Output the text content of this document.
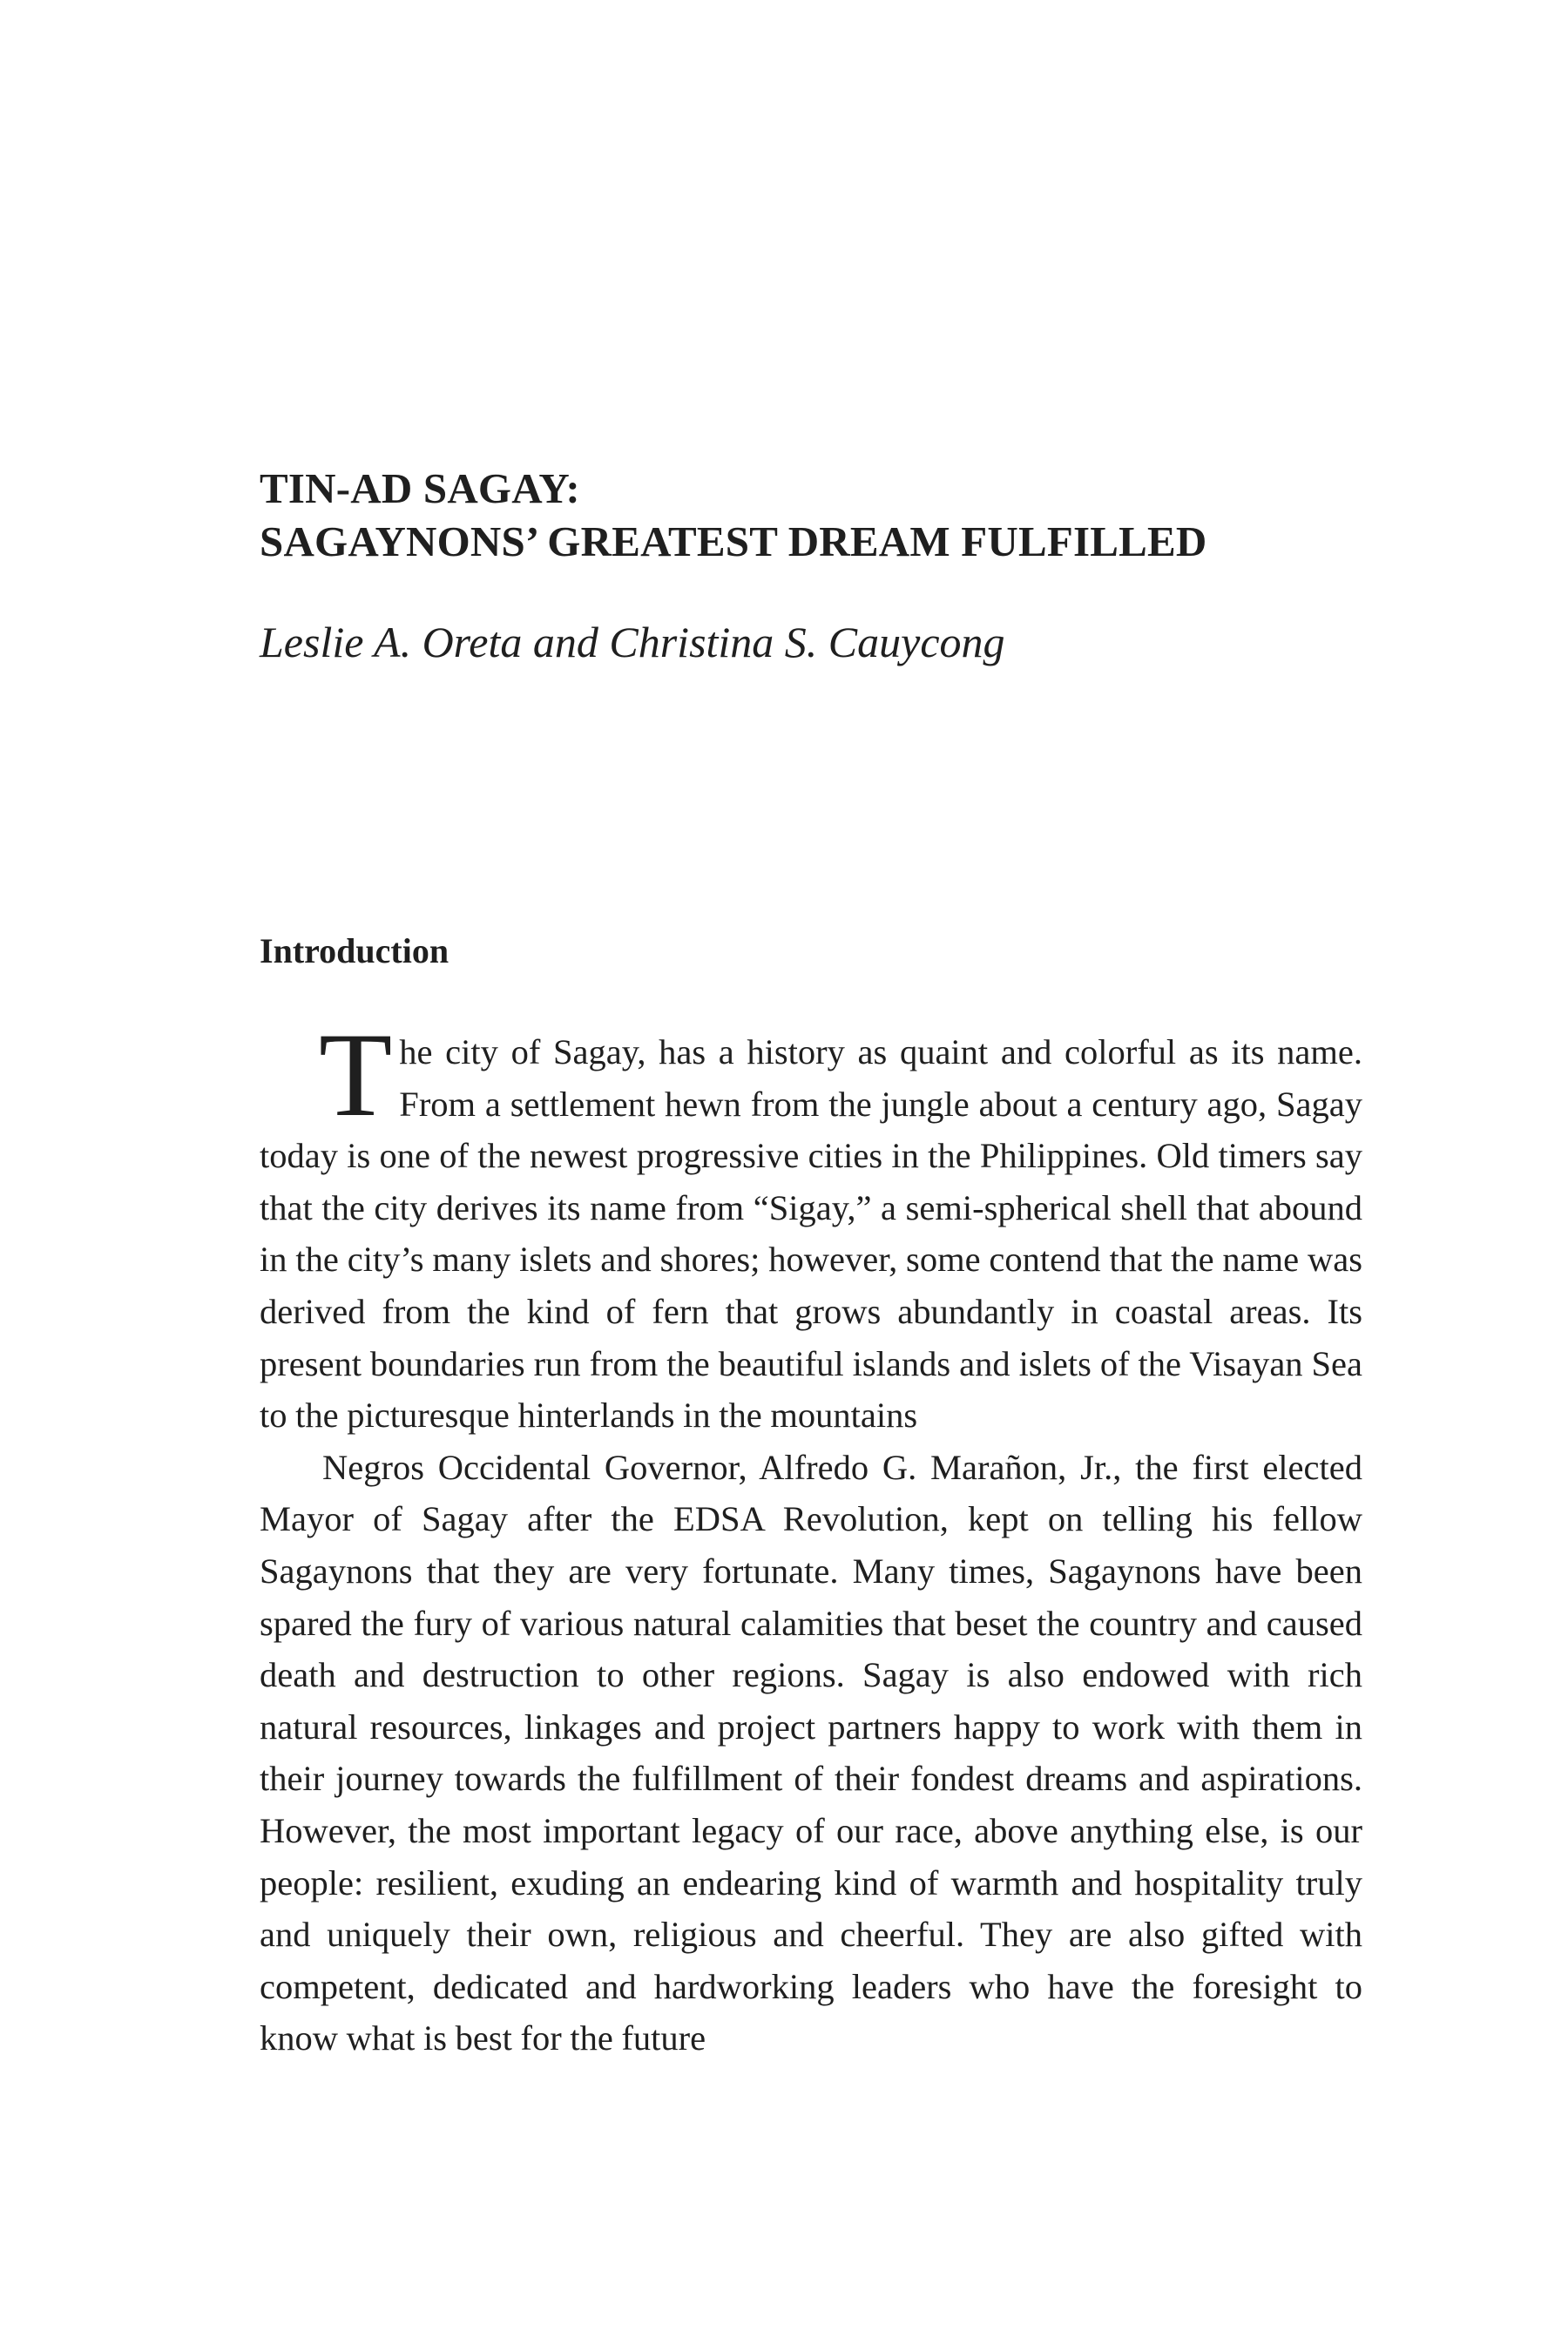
TIN-AD SAGAY:
SAGAYNONS’ GREATEST DREAM FULFILLED

Leslie A. Oreta and Christina S. Cauycong

Introduction

The city of Sagay, has a history as quaint and colorful as its name. From a settlement hewn from the jungle about a century ago, Sagay today is one of the newest progressive cities in the Philippines. Old timers say that the city derives its name from “Sigay,” a semi-spherical shell that abound in the city’s many islets and shores; however, some contend that the name was derived from the kind of fern that grows abundantly in coastal areas. Its present boundaries run from the beautiful islands and islets of the Visayan Sea to the picturesque hinterlands in the mountains

Negros Occidental Governor, Alfredo G. Marañon, Jr., the first elected Mayor of Sagay after the EDSA Revolution, kept on telling his fellow Sagaynons that they are very fortunate. Many times, Sagaynons have been spared the fury of various natural calamities that beset the country and caused death and destruction to other regions. Sagay is also endowed with rich natural resources, linkages and project partners happy to work with them in their journey towards the fulfillment of their fondest dreams and aspirations. However, the most important legacy of our race, above anything else, is our people: resilient, exuding an endearing kind of warmth and hospitality truly and uniquely their own, religious and cheerful. They are also gifted with competent, dedicated and hardworking leaders who have the foresight to know what is best for the future
